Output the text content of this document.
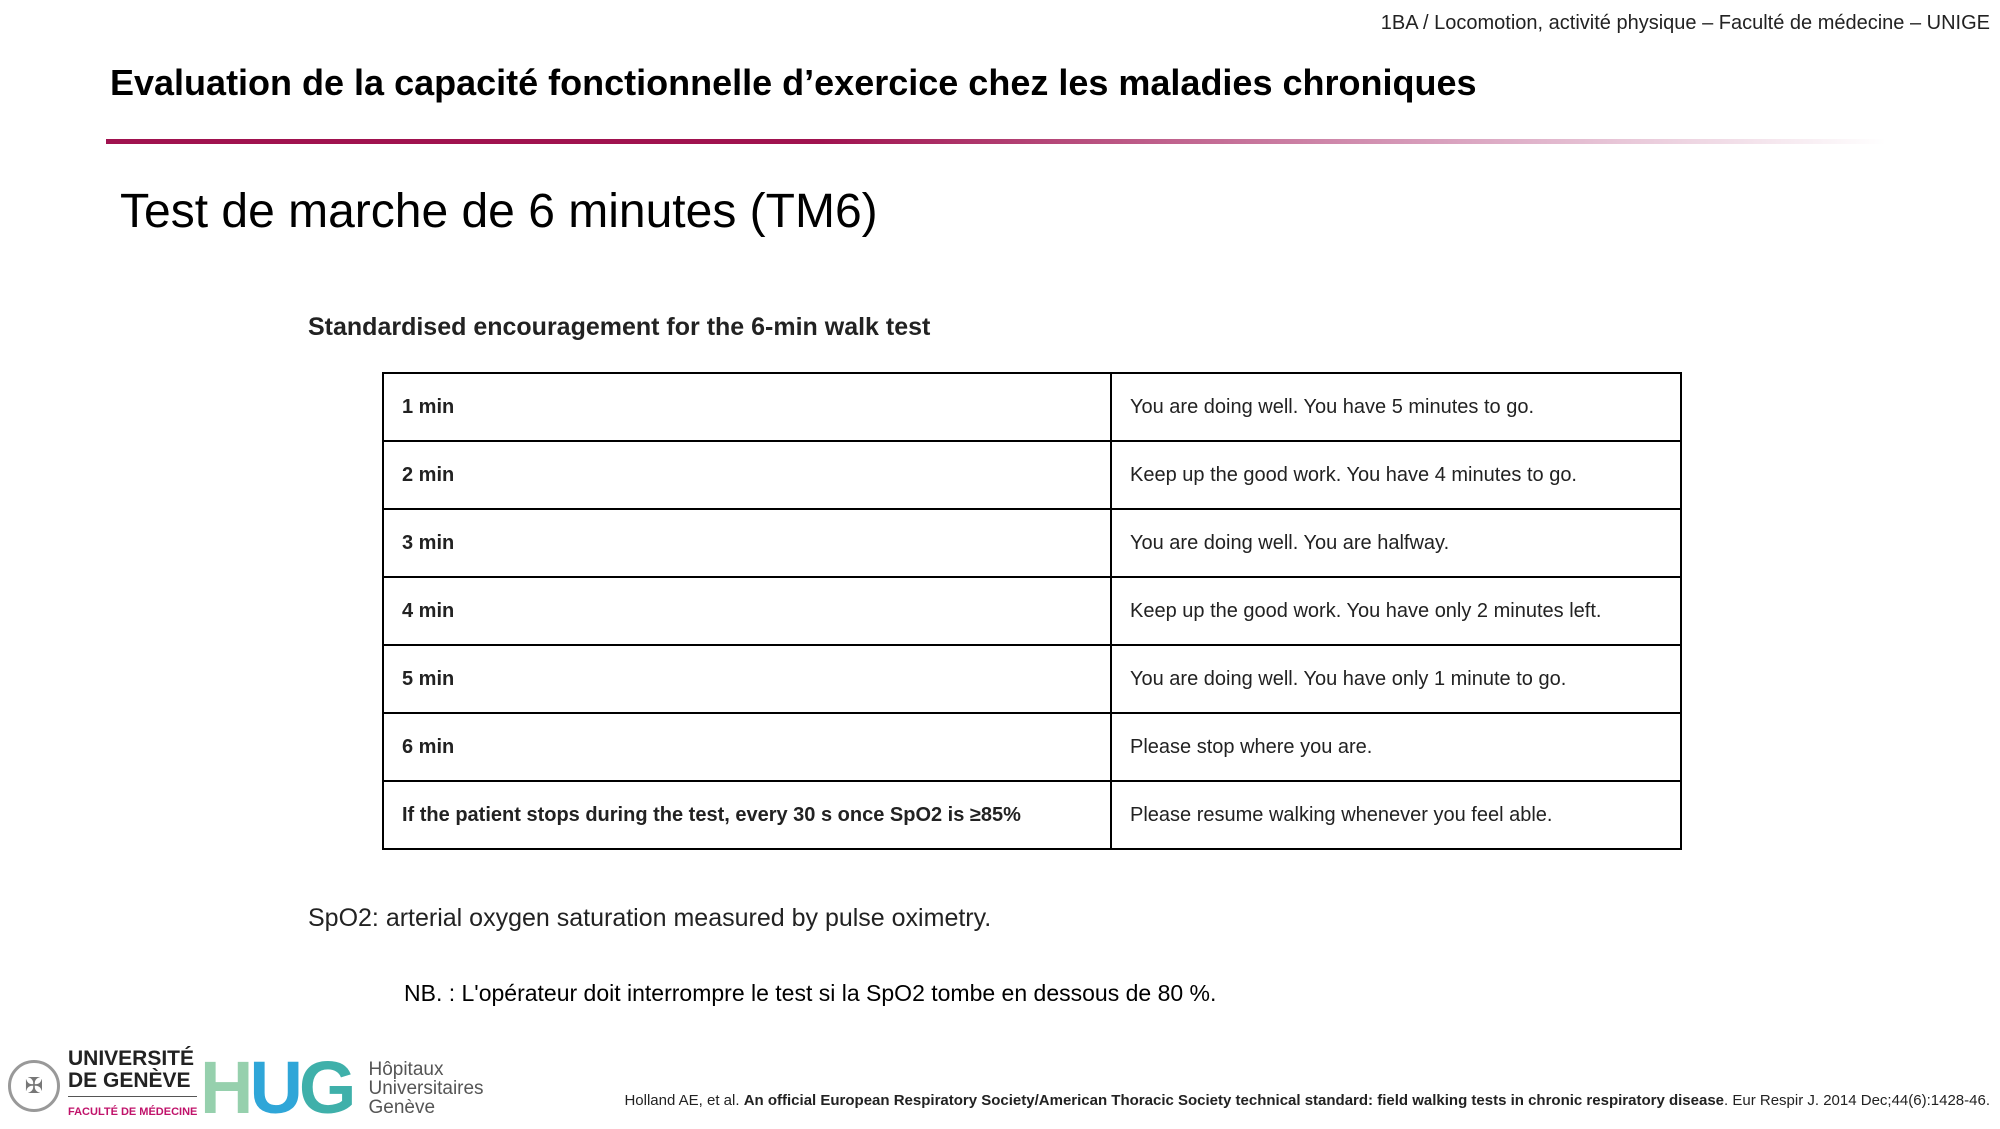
1BA / Locomotion, activité physique – Faculté de médecine – UNIGE
Evaluation de la capacité fonctionnelle d’exercice chez les maladies chroniques
Test de marche de 6 minutes (TM6)
Standardised encouragement for the 6-min walk test
1 min	You are doing well. You have 5 minutes to go.
2 min	Keep up the good work. You have 4 minutes to go.
3 min	You are doing well. You are halfway.
4 min	Keep up the good work. You have only 2 minutes left.
5 min	You are doing well. You have only 1 minute to go.
6 min	Please stop where you are.
If the patient stops during the test, every 30 s once SpO2 is ≥85%	Please resume walking whenever you feel able.
SpO2: arterial oxygen saturation measured by pulse oximetry.
NB. : L'opérateur doit interrompre le test si la SpO2 tombe en dessous de 80 %.
✠
UNIVERSITÉ
DE GENÈVE
FACULTÉ DE MÉDECINE HUG Hôpitaux
Universitaires
Genève	Holland AE, et al. An official European Respiratory Society/American Thoracic Society technical standard: field walking tests in chronic respiratory disease. Eur Respir J. 2014 Dec;44(6):1428-46.
